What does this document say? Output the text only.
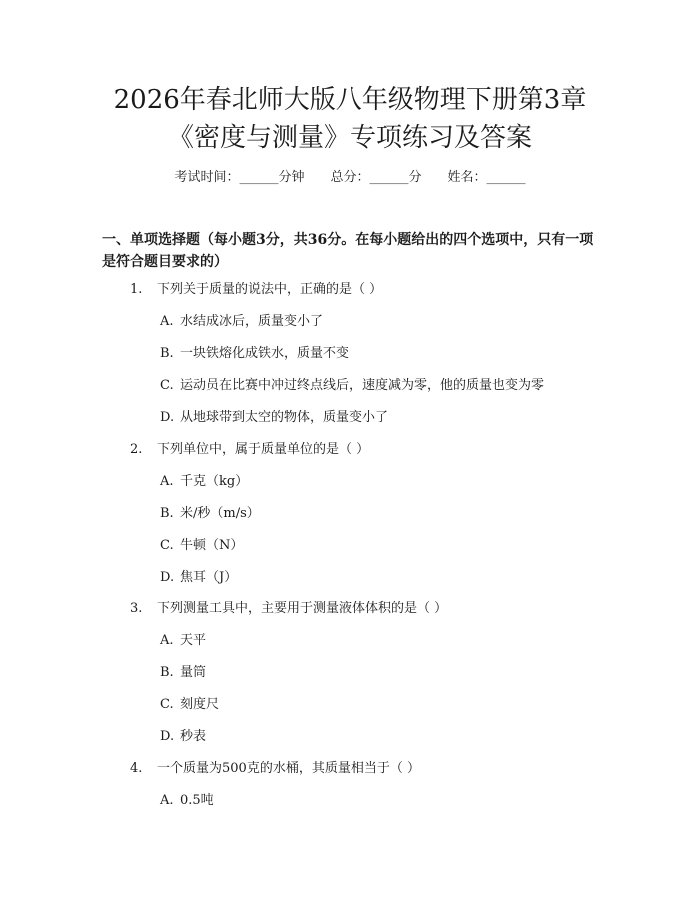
2026年春北师大版八年级物理下册第3章
《密度与测量》专项练习及答案
考试时间：______分钟 总分：______分 姓名：______

一、单项选择题（每小题3分，共36分。在每小题给出的四个选项中，只有一项

是符合题目要求的）

1. 下列关于质量的说法中，正确的是（ ）
A. 水结成冰后，质量变小了
B. 一块铁熔化成铁水，质量不变
C. 运动员在比赛中冲过终点线后，速度减为零，他的质量也变为零
D. 从地球带到太空的物体，质量变小了
2. 下列单位中，属于质量单位的是（ ）
A. 千克（kg）
B. 米/秒（m/s）
C. 牛顿（N）
D. 焦耳（J）
3. 下列测量工具中，主要用于测量液体体积的是（ ）
A. 天平
B. 量筒
C. 刻度尺
D. 秒表
4. 一个质量为500克的水桶，其质量相当于（ ）
A. 0.5吨
